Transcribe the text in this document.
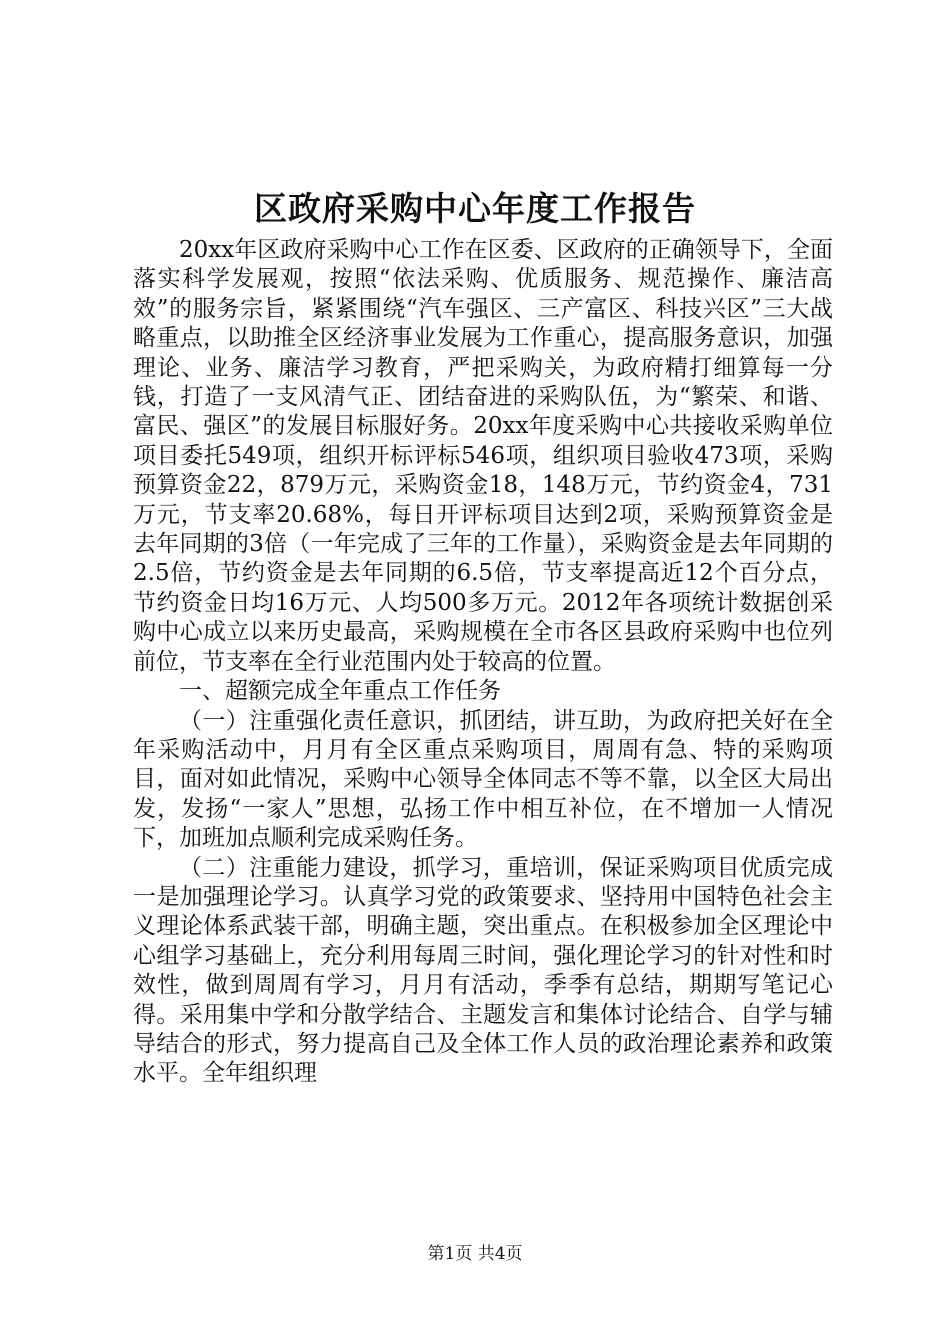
区政府采购中心年度工作报告

20xx年区政府采购中心工作在区委、区政府的正确领导下，全面落实科学发展观，按照“依法采购、优质服务、规范操作、廉洁高效”的服务宗旨，紧紧围绕“汽车强区、三产富区、科技兴区”三大战略重点，以助推全区经济事业发展为工作重心，提高服务意识，加强理论、业务、廉洁学习教育，严把采购关，为政府精打细算每一分钱，打造了一支风清气正、团结奋进的采购队伍，为“繁荣、和谐、富民、强区”的发展目标服好务。20xx年度采购中心共接收采购单位项目委托549项，组织开标评标546项，组织项目验收473项，采购预算资金22，879万元，采购资金18，148万元，节约资金4，731万元，节支率20.68%，每日开评标项目达到2项，采购预算资金是去年同期的3倍（一年完成了三年的工作量），采购资金是去年同期的2.5倍，节约资金是去年同期的6.5倍，节支率提高近12个百分点，节约资金日均16万元、人均500多万元。2012年各项统计数据创采购中心成立以来历史最高，采购规模在全市各区县政府采购中也位列前位，节支率在全行业范围内处于较高的位置。

一、超额完成全年重点工作任务

（一）注重强化责任意识，抓团结，讲互助，为政府把关好在全年采购活动中，月月有全区重点采购项目，周周有急、特的采购项目，面对如此情况，采购中心领导全体同志不等不靠，以全区大局出发，发扬“一家人”思想，弘扬工作中相互补位，在不增加一人情况下，加班加点顺利完成采购任务。

（二）注重能力建设，抓学习，重培训，保证采购项目优质完成一是加强理论学习。认真学习党的政策要求、坚持用中国特色社会主义理论体系武装干部，明确主题，突出重点。在积极参加全区理论中心组学习基础上，充分利用每周三时间，强化理论学习的针对性和时效性，做到周周有学习，月月有活动，季季有总结，期期写笔记心得。采用集中学和分散学结合、主题发言和集体讨论结合、自学与辅导结合的形式，努力提高自己及全体工作人员的政治理论素养和政策水平。全年组织理

第1页 共4页
